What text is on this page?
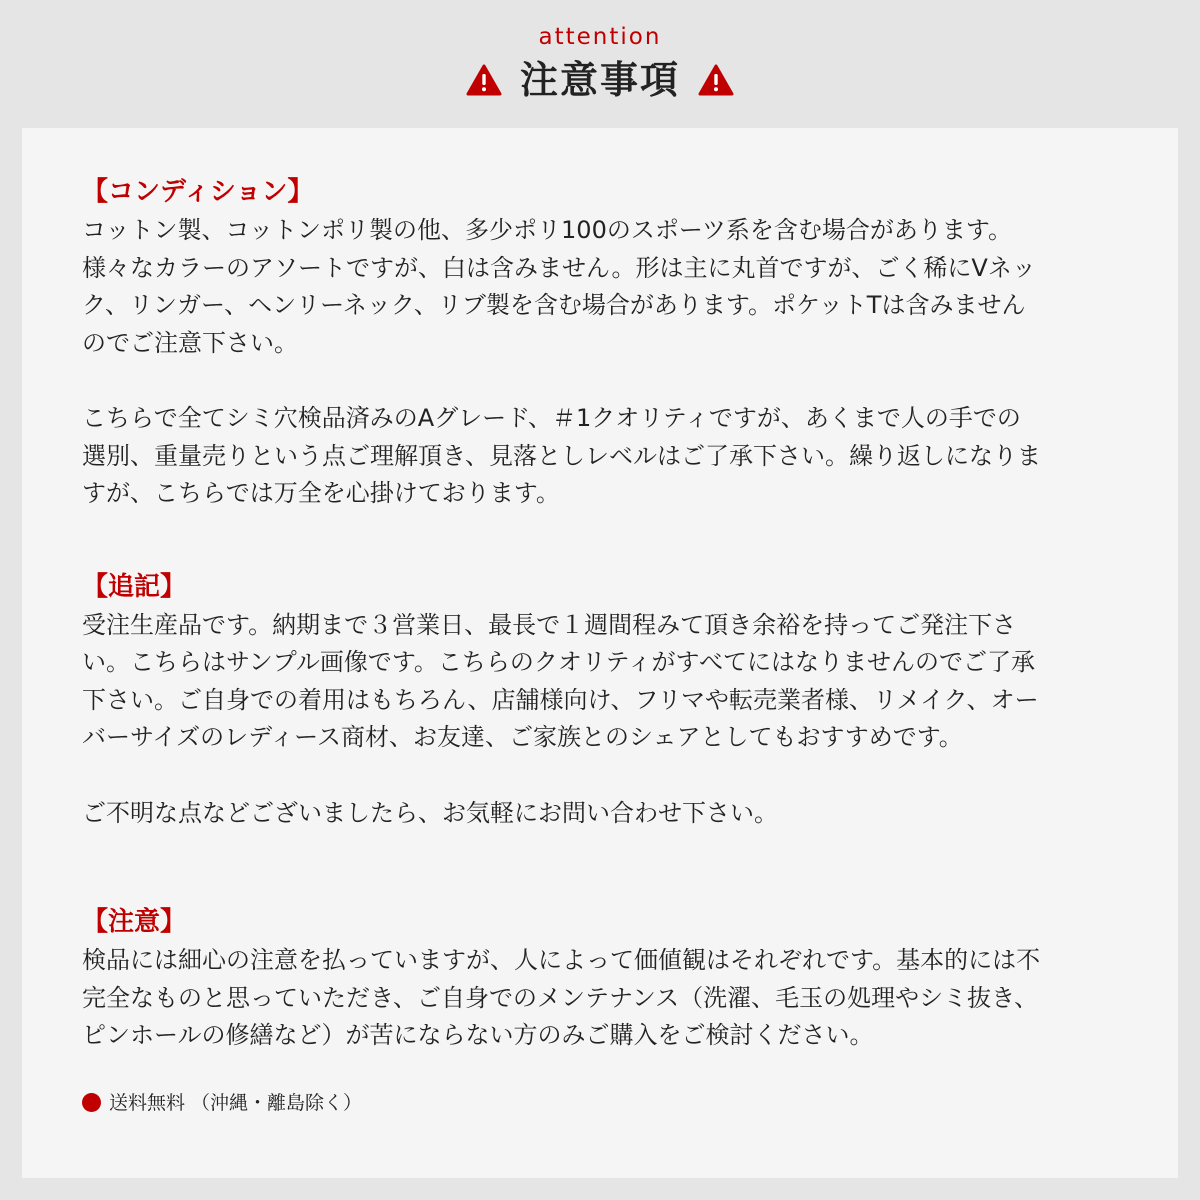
attention
注意事項

【コンディション】

コットン製、コットンポリ製の他、多少ポリ100のスポーツ系を含む場合があります。
様々なカラーのアソートですが、白は含みません。形は主に丸首ですが、ごく稀にVネッ
ク、リンガー、ヘンリーネック、リブ製を含む場合があります。ポケットTは含みません
のでご注意下さい。

こちらで全てシミ穴検品済みのAグレード、＃1クオリティですが、あくまで人の手での
選別、重量売りという点ご理解頂き、見落としレベルはご了承下さい。繰り返しになりま
すが、こちらでは万全を心掛けております。

【追記】

受注生産品です。納期まで３営業日、最長で１週間程みて頂き余裕を持ってご発注下さ
い。こちらはサンプル画像です。こちらのクオリティがすべてにはなりませんのでご了承
下さい。ご自身での着用はもちろん、店舗様向け、フリマや転売業者様、リメイク、オー
バーサイズのレディース商材、お友達、ご家族とのシェアとしてもおすすめです。

ご不明な点などございましたら、お気軽にお問い合わせ下さい。

【注意】

検品には細心の注意を払っていますが、人によって価値観はそれぞれです。基本的には不
完全なものと思っていただき、ご自身でのメンテナンス（洗濯、毛玉の処理やシミ抜き、
ピンホールの修繕など）が苦にならない方のみご購入をご検討ください。

送料無料 （沖縄・離島除く）
